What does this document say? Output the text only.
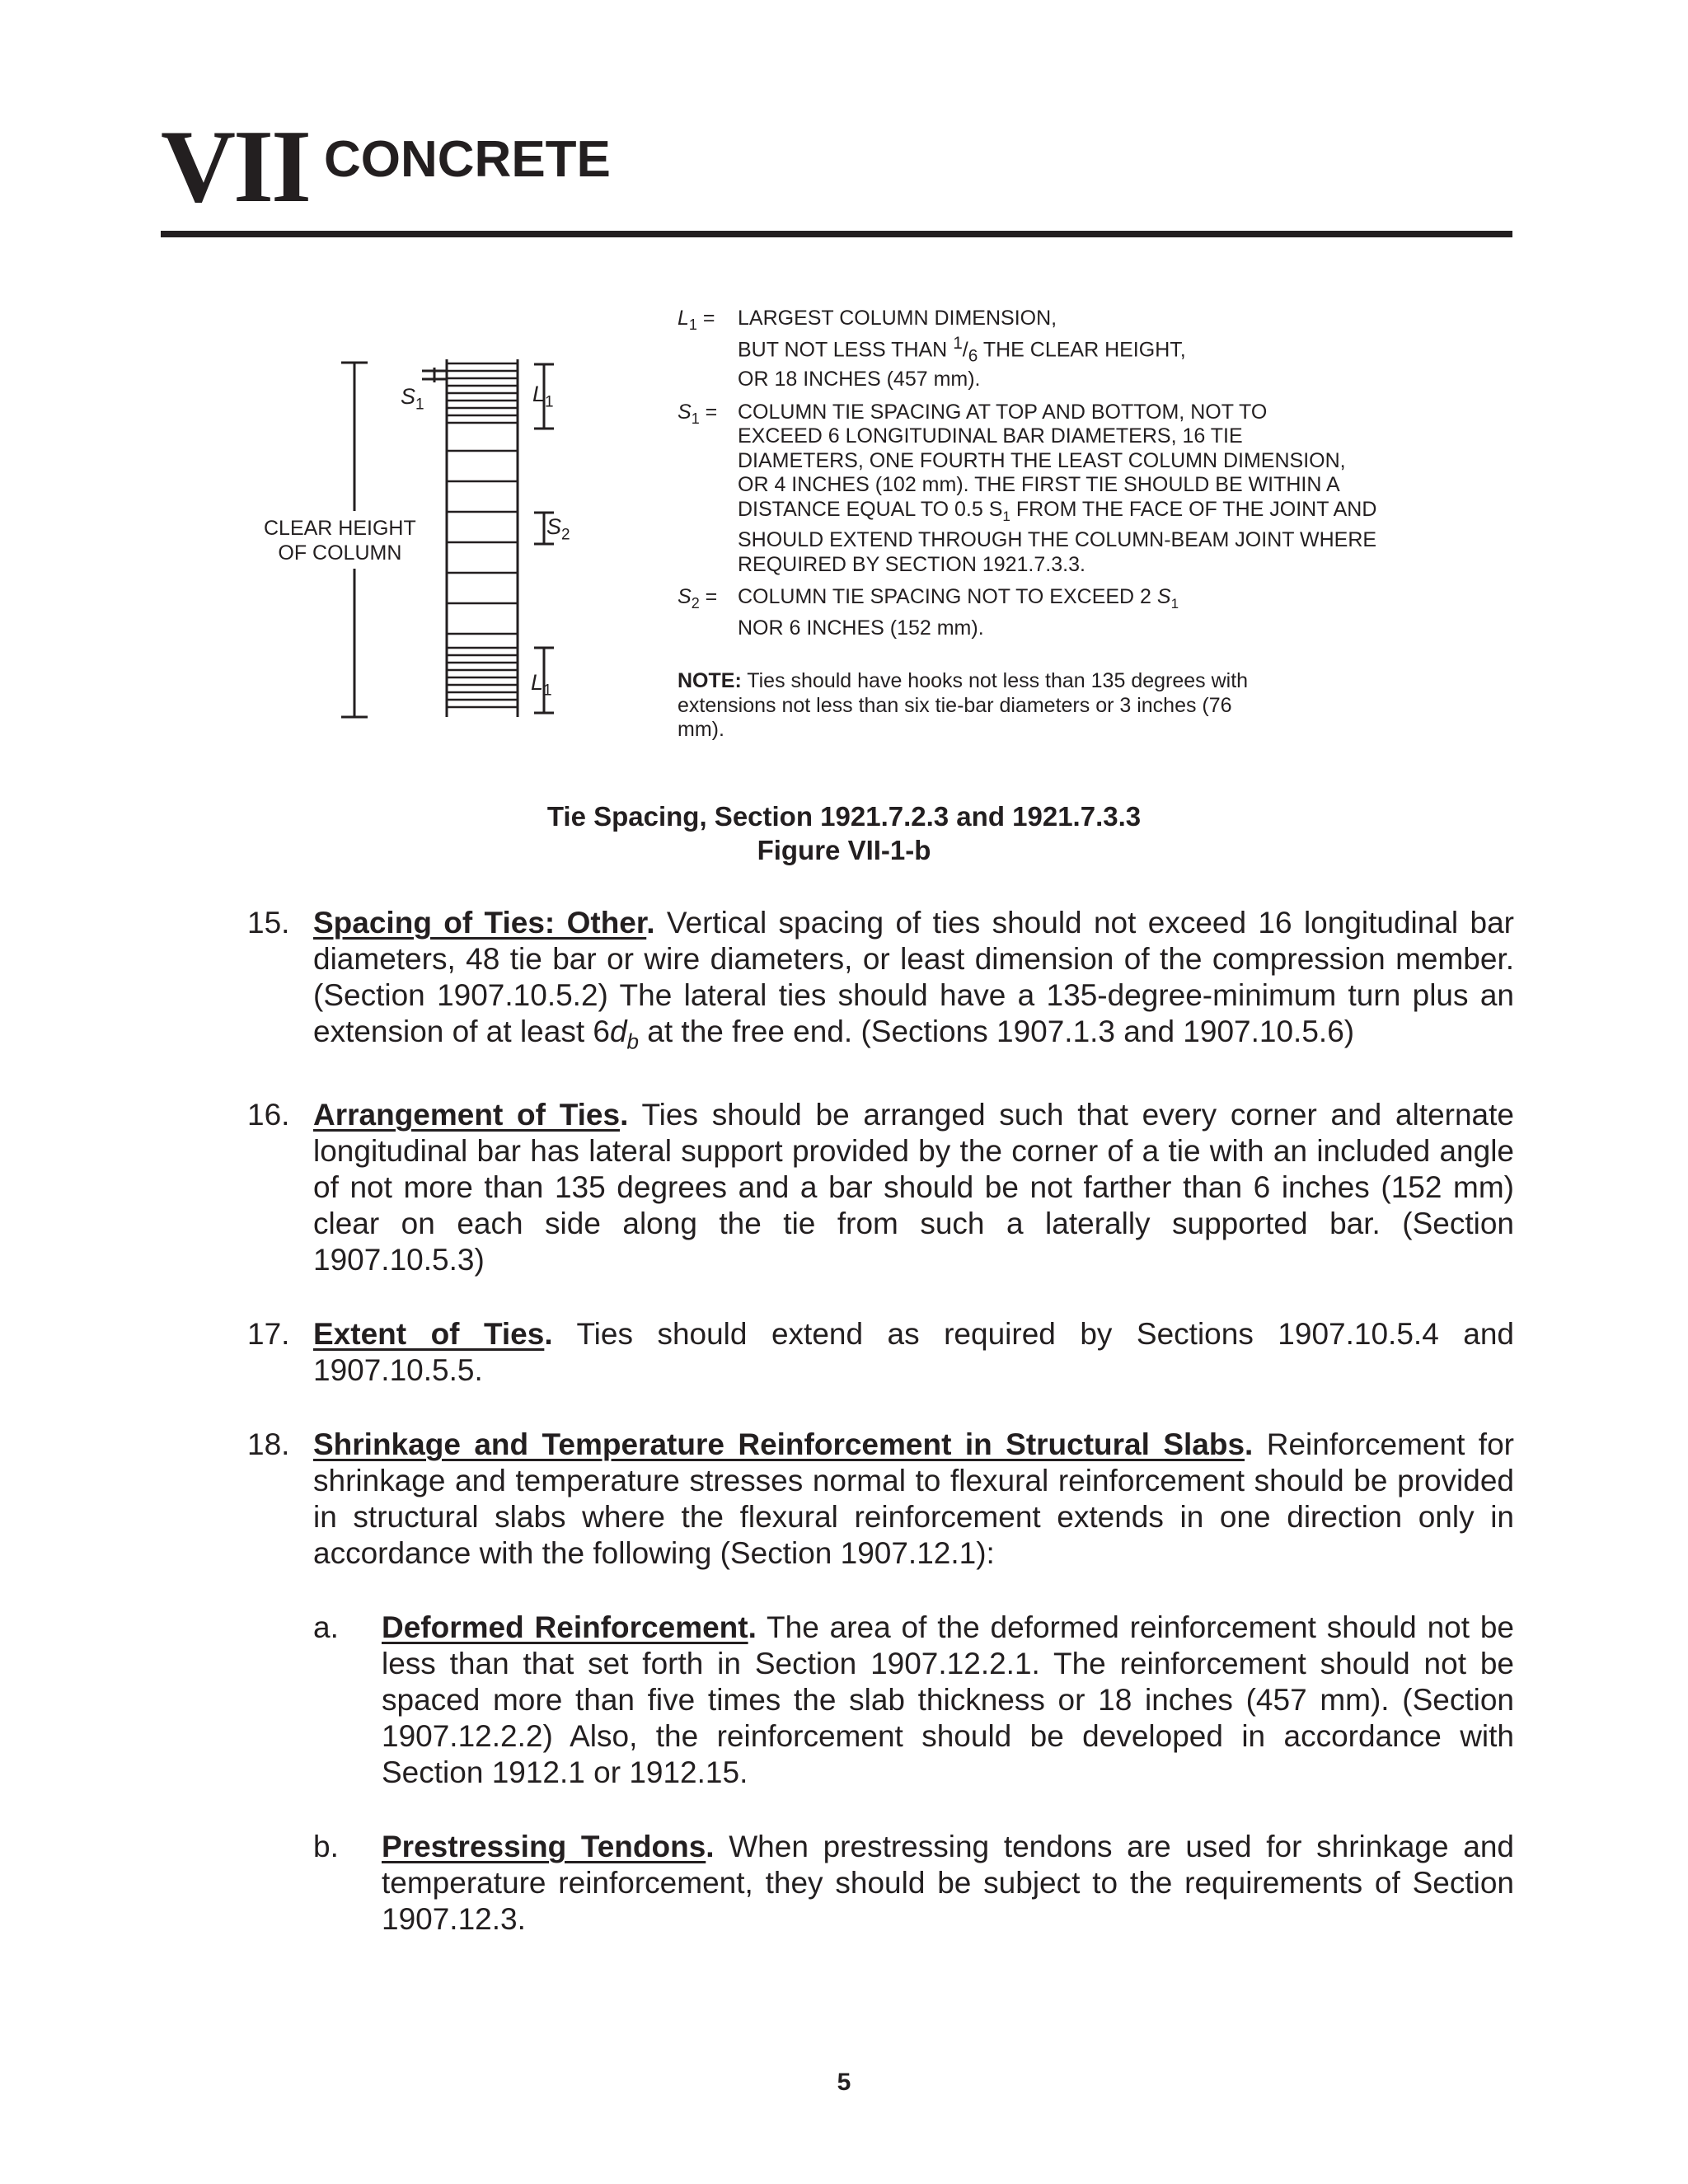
VII CONCRETE
CLEAR HEIGHT
OF COLUMN
$S_1$	$L_1$
$S_2$
$L_1$
$L_1$ = LARGEST COLUMN DIMENSION,
BUT NOT LESS THAN $^1/_6$ THE CLEAR HEIGHT,
OR 18 INCHES (457 mm).
$S_1$ = COLUMN TIE SPACING AT TOP AND BOTTOM, NOT TO
EXCEED 6 LONGITUDINAL BAR DIAMETERS, 16 TIE
DIAMETERS, ONE FOURTH THE LEAST COLUMN DIMENSION,
OR 4 INCHES (102 mm). THE FIRST TIE SHOULD BE WITHIN A
DISTANCE EQUAL TO 0.5 $S_1$ FROM THE FACE OF THE JOINT AND
SHOULD EXTEND THROUGH THE COLUMN-BEAM JOINT WHERE
REQUIRED BY SECTION 1921.7.3.3.
$S_2$ = COLUMN TIE SPACING NOT TO EXCEED 2 $S_1$
NOR 6 INCHES (152 mm).
NOTE: Ties should have hooks not less than 135 degrees with extensions not less than six tie-bar diameters or 3 inches (76 mm).
Tie Spacing, Section 1921.7.2.3 and 1921.7.3.3
Figure VII-1-b
15. Spacing of Ties: Other. Vertical spacing of ties should not exceed 16 longitudinal bar diameters, 48 tie bar or wire diameters, or least dimension of the compression member. (Section 1907.10.5.2) The lateral ties should have a 135-degree-minimum turn plus an extension of at least $6d_b$ at the free end. (Sections 1907.1.3 and 1907.10.5.6)
16. Arrangement of Ties. Ties should be arranged such that every corner and alternate longitudinal bar has lateral support provided by the corner of a tie with an included angle of not more than 135 degrees and a bar should be not farther than 6 inches (152 mm) clear on each side along the tie from such a laterally supported bar. (Section 1907.10.5.3)
17. Extent of Ties. Ties should extend as required by Sections 1907.10.5.4 and 1907.10.5.5.
18. Shrinkage and Temperature Reinforcement in Structural Slabs. Reinforcement for shrinkage and temperature stresses normal to flexural reinforcement should be provided in structural slabs where the flexural reinforcement extends in one direction only in accordance with the following (Section 1907.12.1):
a. Deformed Reinforcement. The area of the deformed reinforcement should not be less than that set forth in Section 1907.12.2.1. The reinforcement should not be spaced more than five times the slab thickness or 18 inches (457 mm). (Section 1907.12.2.2) Also, the reinforcement should be developed in accordance with Section 1912.1 or 1912.15.
b. Prestressing Tendons. When prestressing tendons are used for shrinkage and temperature reinforcement, they should be subject to the requirements of Section 1907.12.3.
5
